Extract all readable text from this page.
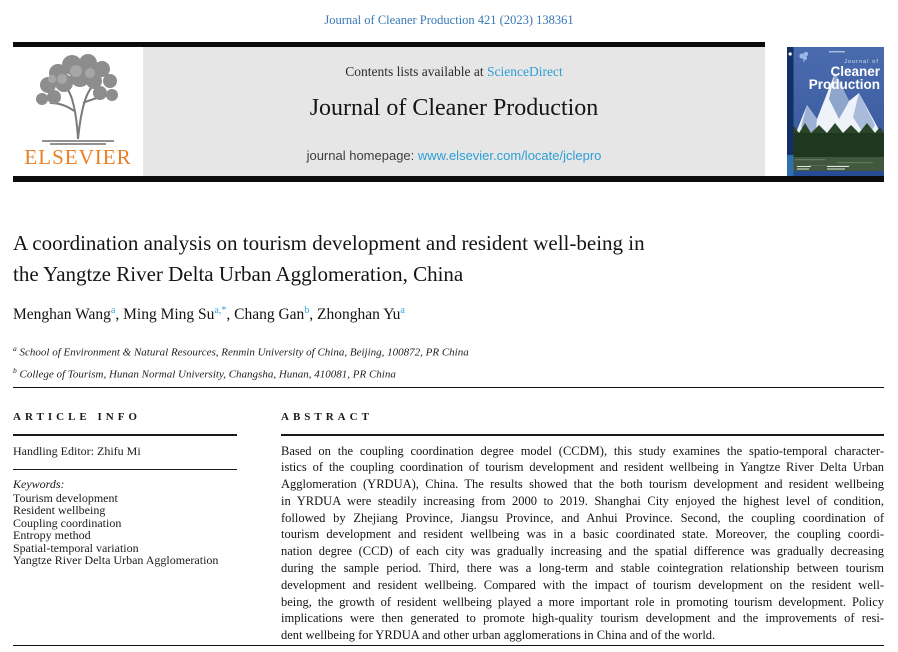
Journal of Cleaner Production 421 (2023) 138361
ELSEVIER
Contents lists available at ScienceDirect
Journal of Cleaner Production
journal homepage: www.elsevier.com/locate/jclepro
Journal of
Cleaner
Production
A coordination analysis on tourism development and resident well-being in
the Yangtze River Delta Urban Agglomeration, China
Menghan Wang$^a$, Ming Ming $Su^{a,*}$, Chang Gan$^b$, Zhonghan Yu$^a$
$^a$ School of Environment & Natural Resources, Renmin University of China, Beijing, 100872, PR China
$^b$ College of Tourism, Hunan Normal University, Changsha, Hunan, 410081, PR China
ARTICLE INFO
Handling Editor: Zhifu Mi
Keywords:
Tourism development
Resident wellbeing
Coupling coordination
Entropy method
Spatial-temporal variation
Yangtze River Delta Urban Agglomeration
ABSTRACT
Based on the coupling coordination degree model (CCDM), this study examines the spatio-temporal character-
istics of the coupling coordination of tourism development and resident wellbeing in Yangtze River Delta Urban
Agglomeration (YRDUA), China. The results showed that the both tourism development and resident wellbeing
in YRDUA were steadily increasing from 2000 to 2019. Shanghai City enjoyed the highest level of condition,
followed by Zhejiang Province, Jiangsu Province, and Anhui Province. Second, the coupling coordination of
tourism development and resident wellbeing was in a basic coordinated state. Moreover, the coupling coordi-
nation degree (CCD) of each city was gradually increasing and the spatial difference was gradually decreasing
during the sample period. Third, there was a long-term and stable cointegration relationship between tourism
development and resident wellbeing. Compared with the impact of tourism development on the resident well-
being, the growth of resident wellbeing played a more important role in promoting tourism development. Policy
implications were then generated to promote high-quality tourism development and the improvements of resi-
dent wellbeing for YRDUA and other urban agglomerations in China and of the world.
